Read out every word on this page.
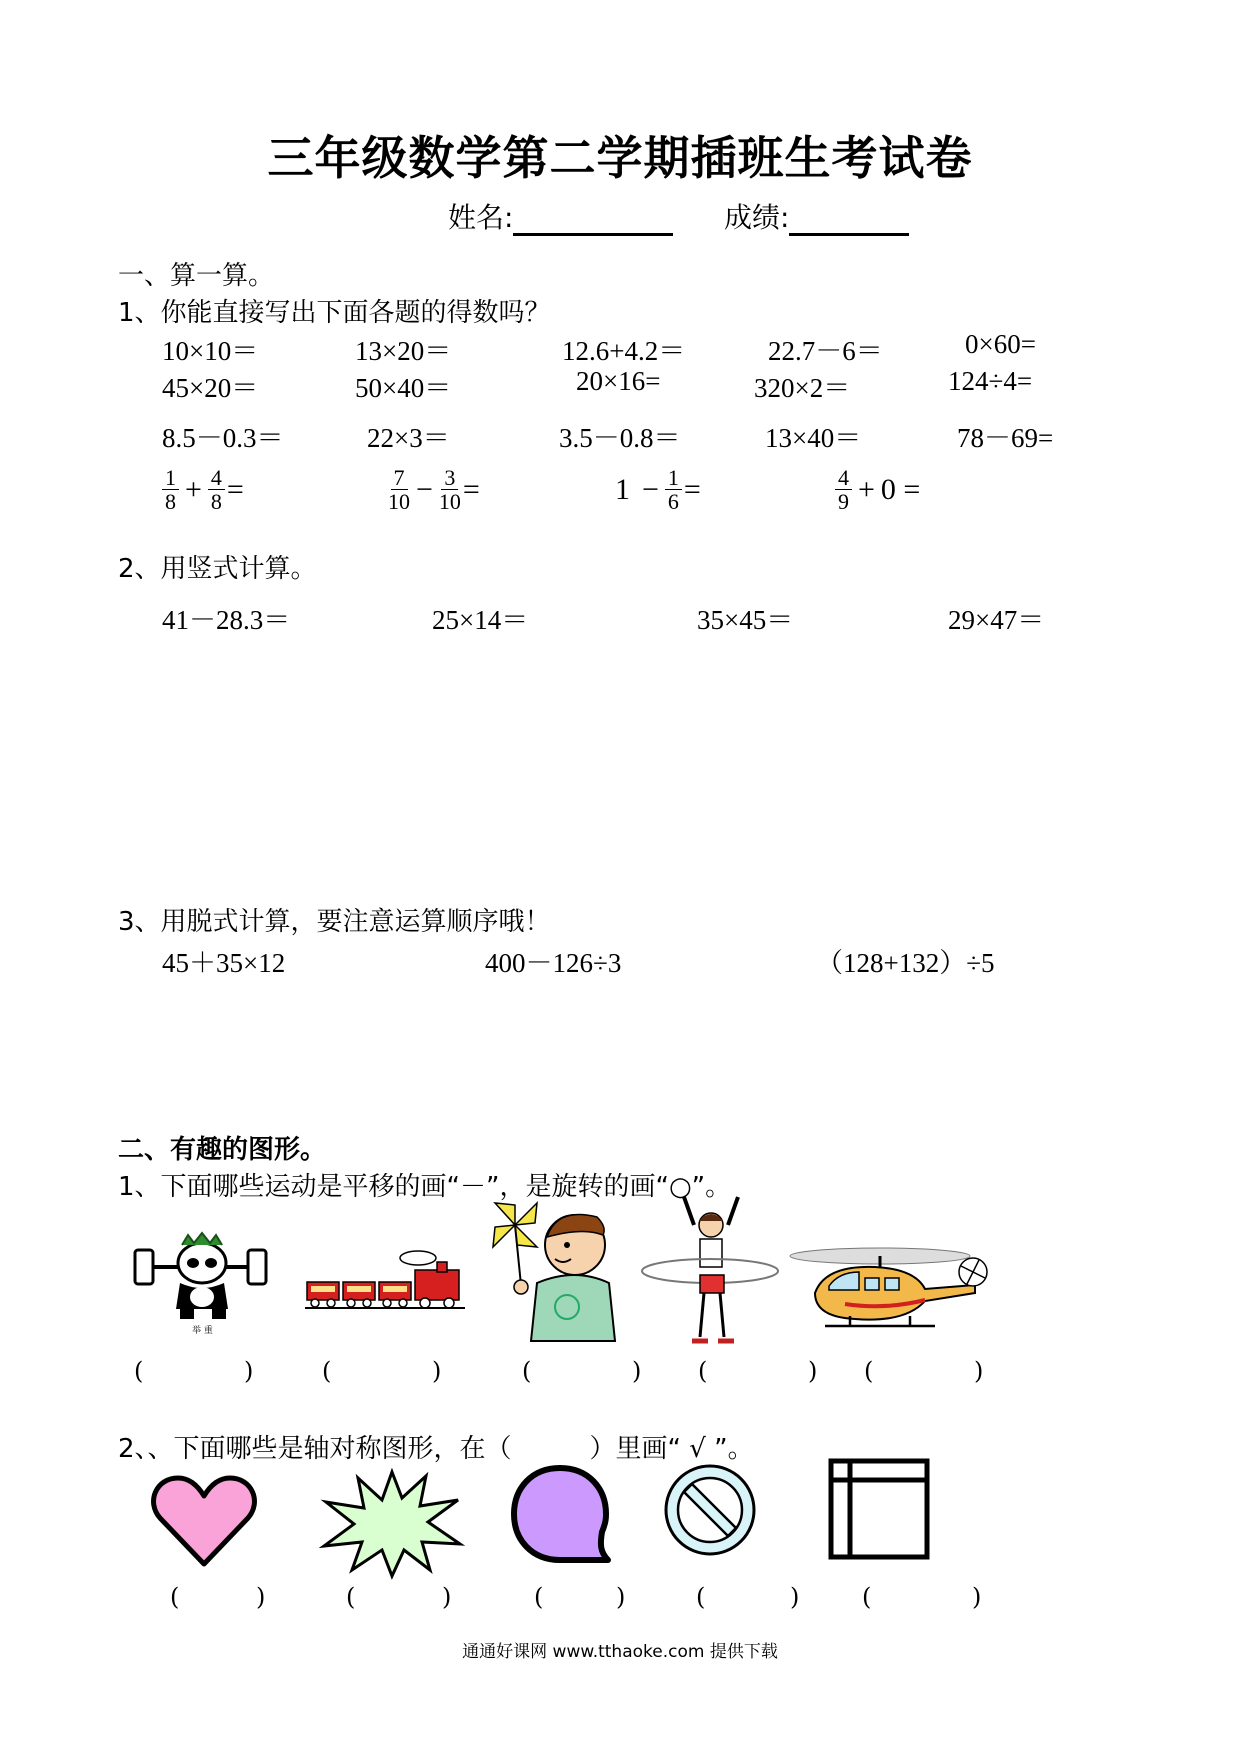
三年级数学第二学期插班生考试卷
姓名:	成绩:
一、算一算。
1、你能直接写出下面各题的得数吗？
10×10＝	13×20＝	12.6+4.2＝	22.7－6＝	0×60=
45×20＝	50×40＝	20×16=	320×2＝	124÷4=
8.5－0.3＝	22×3＝	3.5－0.8＝	13×40＝	78－69=
$\frac{1}{8} + \frac{4}{8}$ =	$\frac{7}{10} - \frac{3}{10}$ =	$1 - \frac{1}{6}$ =	$\frac{4}{9} + 0$ =
2、用竖式计算。
41－28.3＝	25×14＝	35×45＝	29×47＝
3、用脱式计算，要注意运算顺序哦！
45＋35×12	400－126÷3	（128+132）÷5
二、有趣的图形。
1、下面哪些运动是平移的画“－”，是旋转的画“○”。
举 重
(	)	(	)	(	) (	) (	)
2、、下面哪些是轴对称图形，在（　　　）里画“ √ ”。
(	)	(	)	(	)	(	)	(	)
通通好课网 www.tthaoke.com 提供下载
